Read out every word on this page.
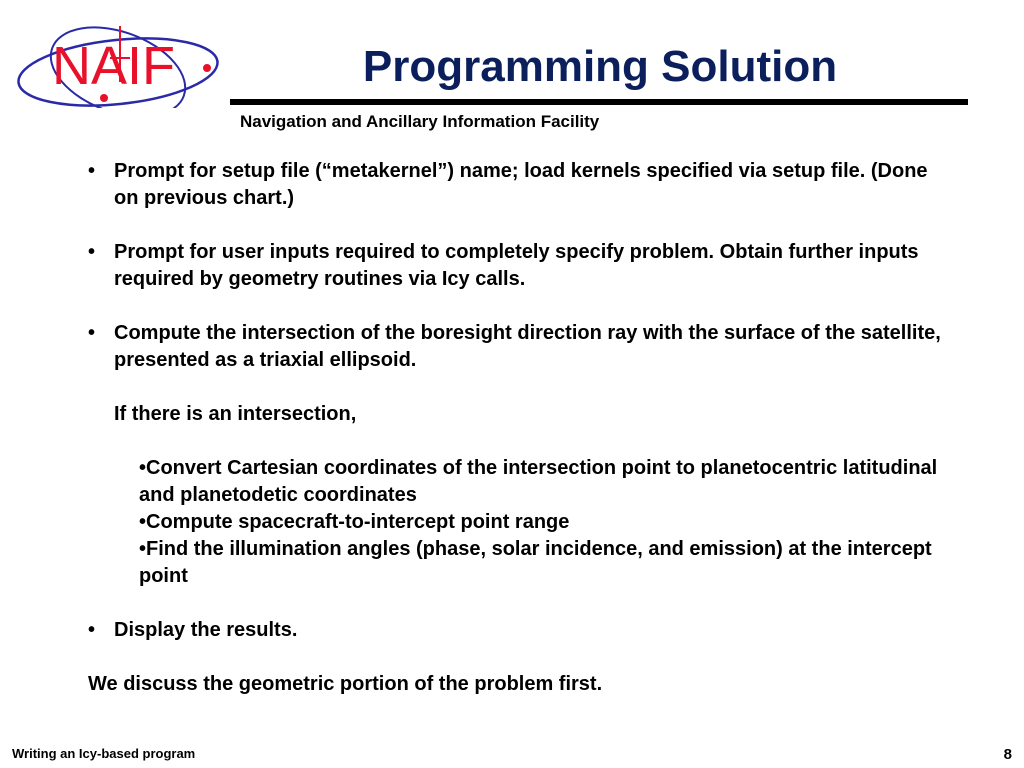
NAIF	Programming Solution
Navigation and Ancillary Information Facility

• Prompt for setup file (“metakernel”) name; load kernels specified via setup file. (Done on previous chart.)

• Prompt for user inputs required to completely specify problem. Obtain further inputs required by geometry routines via Icy calls.

• Compute the intersection of the boresight direction ray with the surface of the satellite, presented as a triaxial ellipsoid.

If there is an intersection,
•Convert Cartesian coordinates of the intersection point to planetocentric latitudinal and planetodetic coordinates
•Compute spacecraft-to-intercept point range
•Find the illumination angles (phase, solar incidence, and emission) at the intercept point

• Display the results.

We discuss the geometric portion of the problem first.
Writing an Icy-based program	8
